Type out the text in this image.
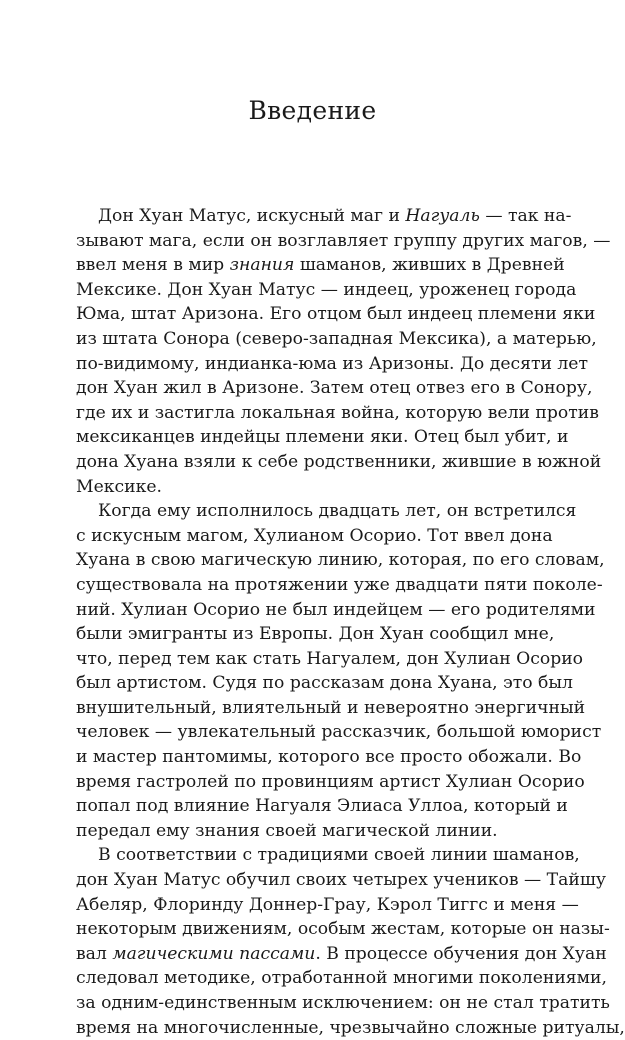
Введение
Дон Хуан Матус, искусный маг и Нагуаль — так на-
зывают мага, если он возглавляет группу других магов, —
ввел меня в мир знания шаманов, живших в Древней
Мексике. Дон Хуан Матус — индеец, уроженец города
Юма, штат Аризона. Его отцом был индеец племени яки
из штата Сонора (северо-западная Мексика), а матерью,
по-видимому, индианка-юма из Аризоны. До десяти лет
дон Хуан жил в Аризоне. Затем отец отвез его в Сонору,
где их и застигла локальная война, которую вели против
мексиканцев индейцы племени яки. Отец был убит, и
дона Хуана взяли к себе родственники, жившие в южной
Мексике.
Когда ему исполнилось двадцать лет, он встретился
с искусным магом, Хулианом Осорио. Тот ввел дона
Хуана в свою магическую линию, которая, по его словам,
существовала на протяжении уже двадцати пяти поколе-
ний. Хулиан Осорио не был индейцем — его родителями
были эмигранты из Европы. Дон Хуан сообщил мне,
что, перед тем как стать Нагуалем, дон Хулиан Осорио
был артистом. Судя по рассказам дона Хуана, это был
внушительный, влиятельный и невероятно энергичный
человек — увлекательный рассказчик, большой юморист
и мастер пантомимы, которого все просто обожали. Во
время гастролей по провинциям артист Хулиан Осорио
попал под влияние Нагуаля Элиаса Уллоа, который и
передал ему знания своей магической линии.
В соответствии с традициями своей линии шаманов,
дон Хуан Матус обучил своих четырех учеников — Тайшу
Абеляр, Флоринду Доннер-Грау, Кэрол Тиггс и меня —
некоторым движениям, особым жестам, которые он назы-
вал магическими пассами. В процессе обучения дон Хуан
следовал методике, отработанной многими поколениями,
за одним-единственным исключением: он не стал тратить
время на многочисленные, чрезвычайно сложные ритуалы,
